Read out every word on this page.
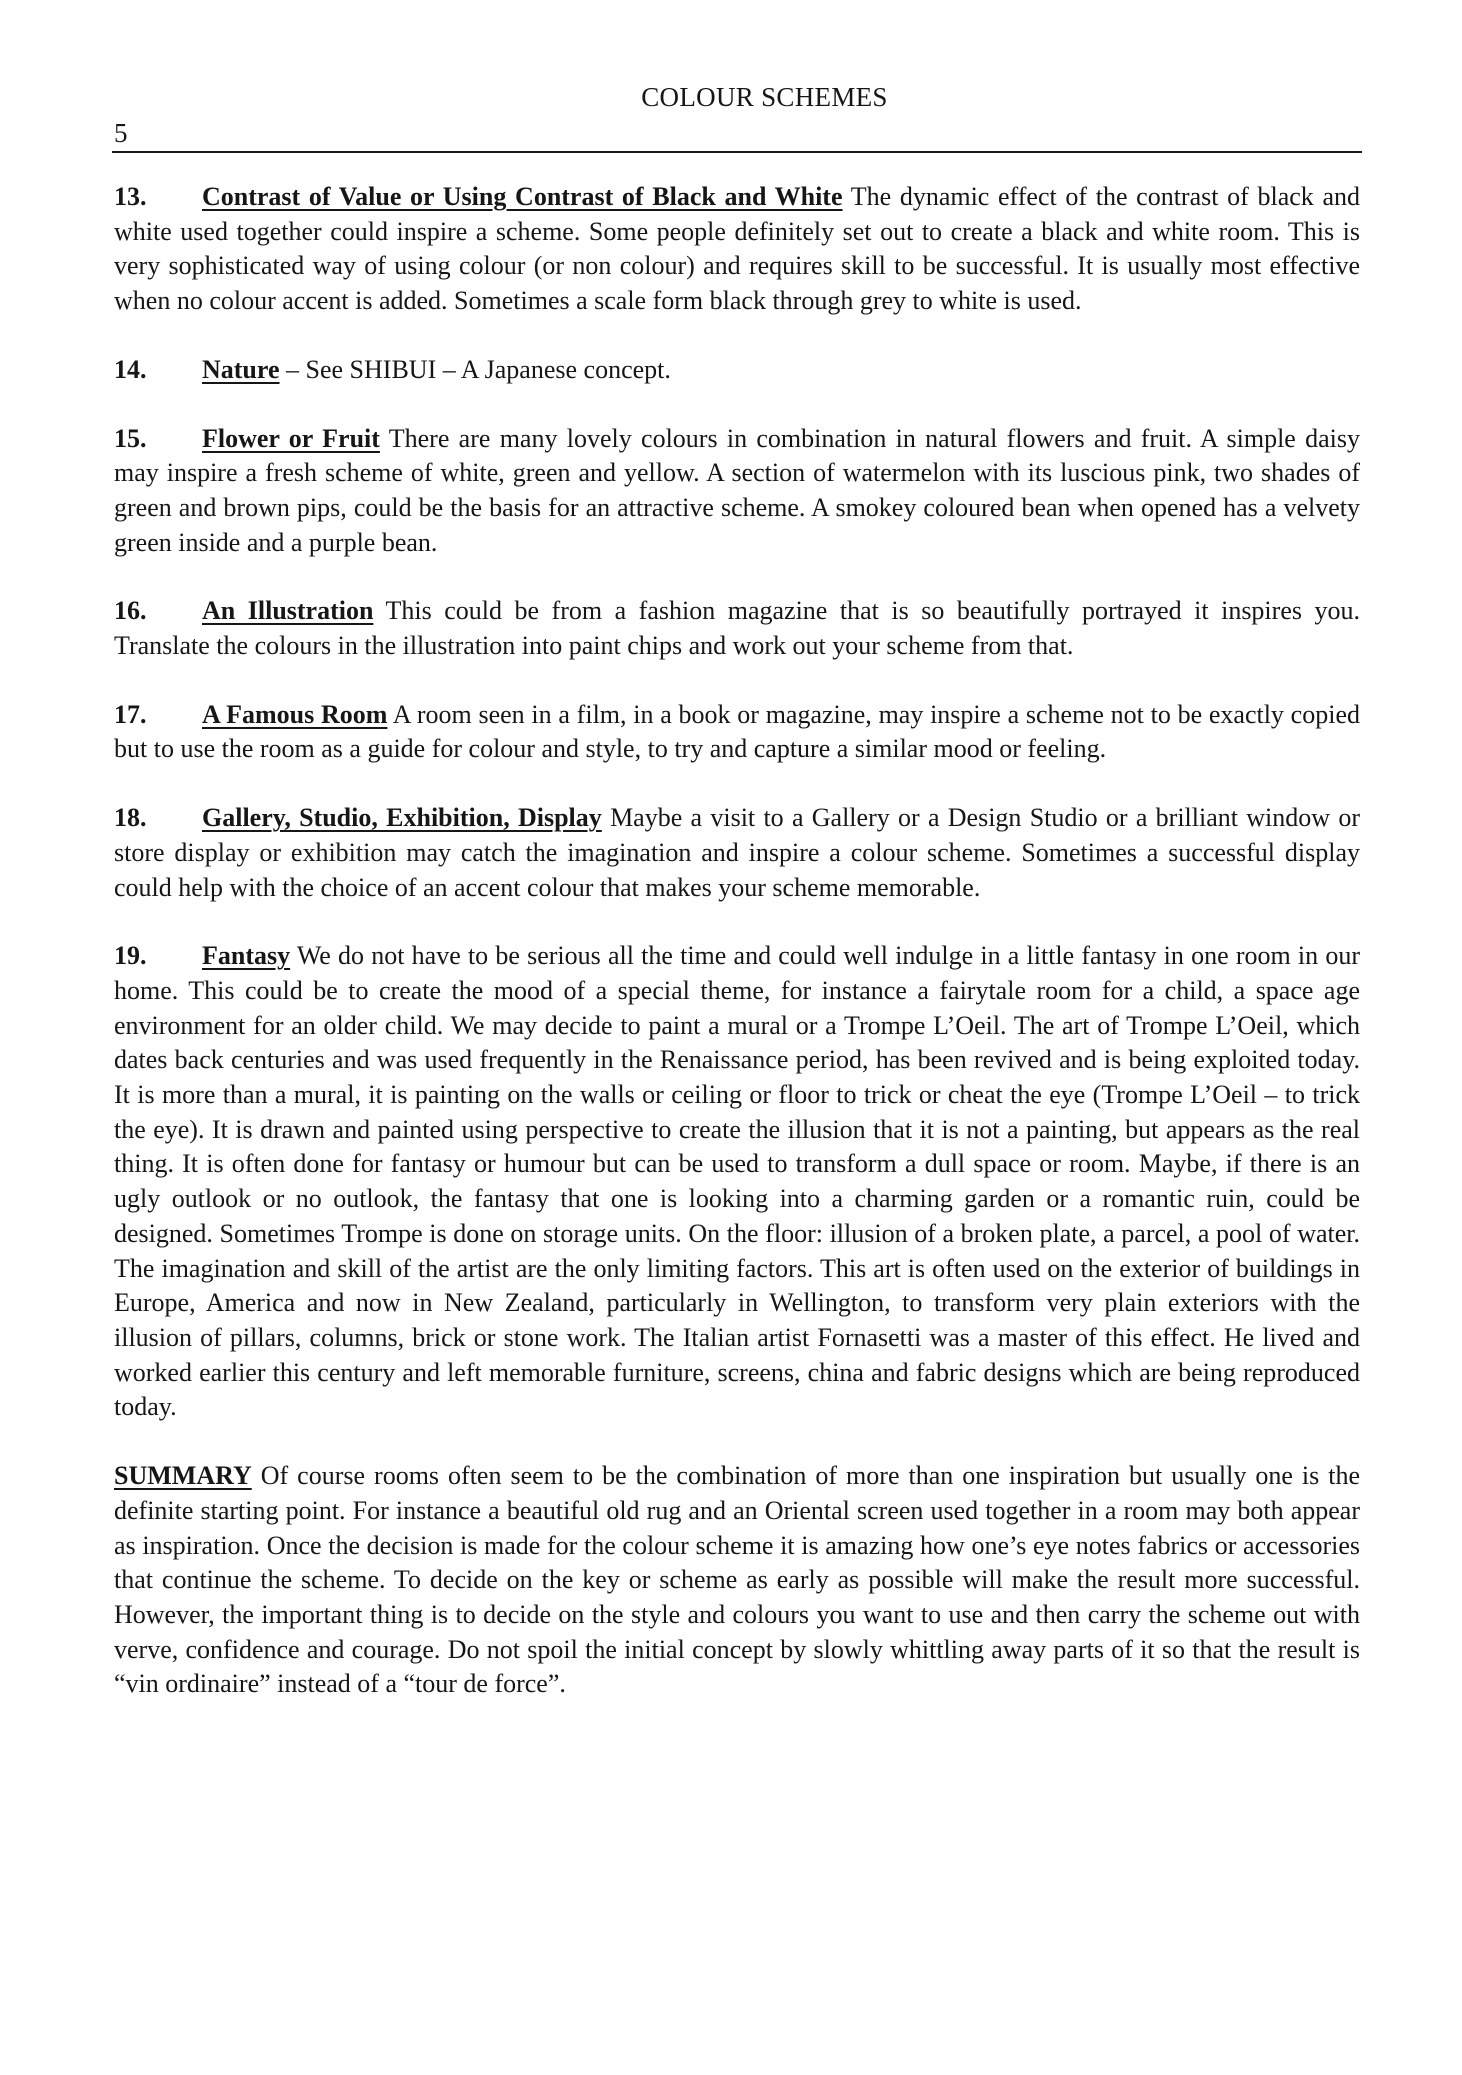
COLOUR SCHEMES
5

13. Contrast of Value or Using Contrast of Black and White The dynamic effect of the contrast of black and white used together could inspire a scheme. Some people definitely set out to create a black and white room. This is very sophisticated way of using colour (or non colour) and requires skill to be successful. It is usually most effective when no colour accent is added. Sometimes a scale form black through grey to white is used.

14. Nature – See SHIBUI – A Japanese concept.

15. Flower or Fruit There are many lovely colours in combination in natural flowers and fruit. A simple daisy may inspire a fresh scheme of white, green and yellow. A section of watermelon with its luscious pink, two shades of green and brown pips, could be the basis for an attractive scheme. A smokey coloured bean when opened has a velvety green inside and a purple bean.

16. An Illustration This could be from a fashion magazine that is so beautifully portrayed it inspires you. Translate the colours in the illustration into paint chips and work out your scheme from that.

17. A Famous Room A room seen in a film, in a book or magazine, may inspire a scheme not to be exactly copied but to use the room as a guide for colour and style, to try and capture a similar mood or feeling.

18. Gallery, Studio, Exhibition, Display Maybe a visit to a Gallery or a Design Studio or a brilliant window or store display or exhibition may catch the imagination and inspire a colour scheme. Sometimes a successful display could help with the choice of an accent colour that makes your scheme memorable.

19. Fantasy We do not have to be serious all the time and could well indulge in a little fantasy in one room in our home. This could be to create the mood of a special theme, for instance a fairytale room for a child, a space age environment for an older child. We may decide to paint a mural or a Trompe L’Oeil. The art of Trompe L’Oeil, which dates back centuries and was used frequently in the Renaissance period, has been revived and is being exploited today. It is more than a mural, it is painting on the walls or ceiling or floor to trick or cheat the eye (Trompe L’Oeil – to trick the eye). It is drawn and painted using perspective to create the illusion that it is not a painting, but appears as the real thing. It is often done for fantasy or humour but can be used to transform a dull space or room. Maybe, if there is an ugly outlook or no outlook, the fantasy that one is looking into a charming garden or a romantic ruin, could be designed. Sometimes Trompe is done on storage units. On the floor: illusion of a broken plate, a parcel, a pool of water. The imagination and skill of the artist are the only limiting factors. This art is often used on the exterior of buildings in Europe, America and now in New Zealand, particularly in Wellington, to transform very plain exteriors with the illusion of pillars, columns, brick or stone work. The Italian artist Fornasetti was a master of this effect. He lived and worked earlier this century and left memorable furniture, screens, china and fabric designs which are being reproduced today.

SUMMARY Of course rooms often seem to be the combination of more than one inspiration but usually one is the definite starting point. For instance a beautiful old rug and an Oriental screen used together in a room may both appear as inspiration. Once the decision is made for the colour scheme it is amazing how one’s eye notes fabrics or accessories that continue the scheme. To decide on the key or scheme as early as possible will make the result more successful. However, the important thing is to decide on the style and colours you want to use and then carry the scheme out with verve, confidence and courage. Do not spoil the initial concept by slowly whittling away parts of it so that the result is “vin ordinaire” instead of a “tour de force”.
